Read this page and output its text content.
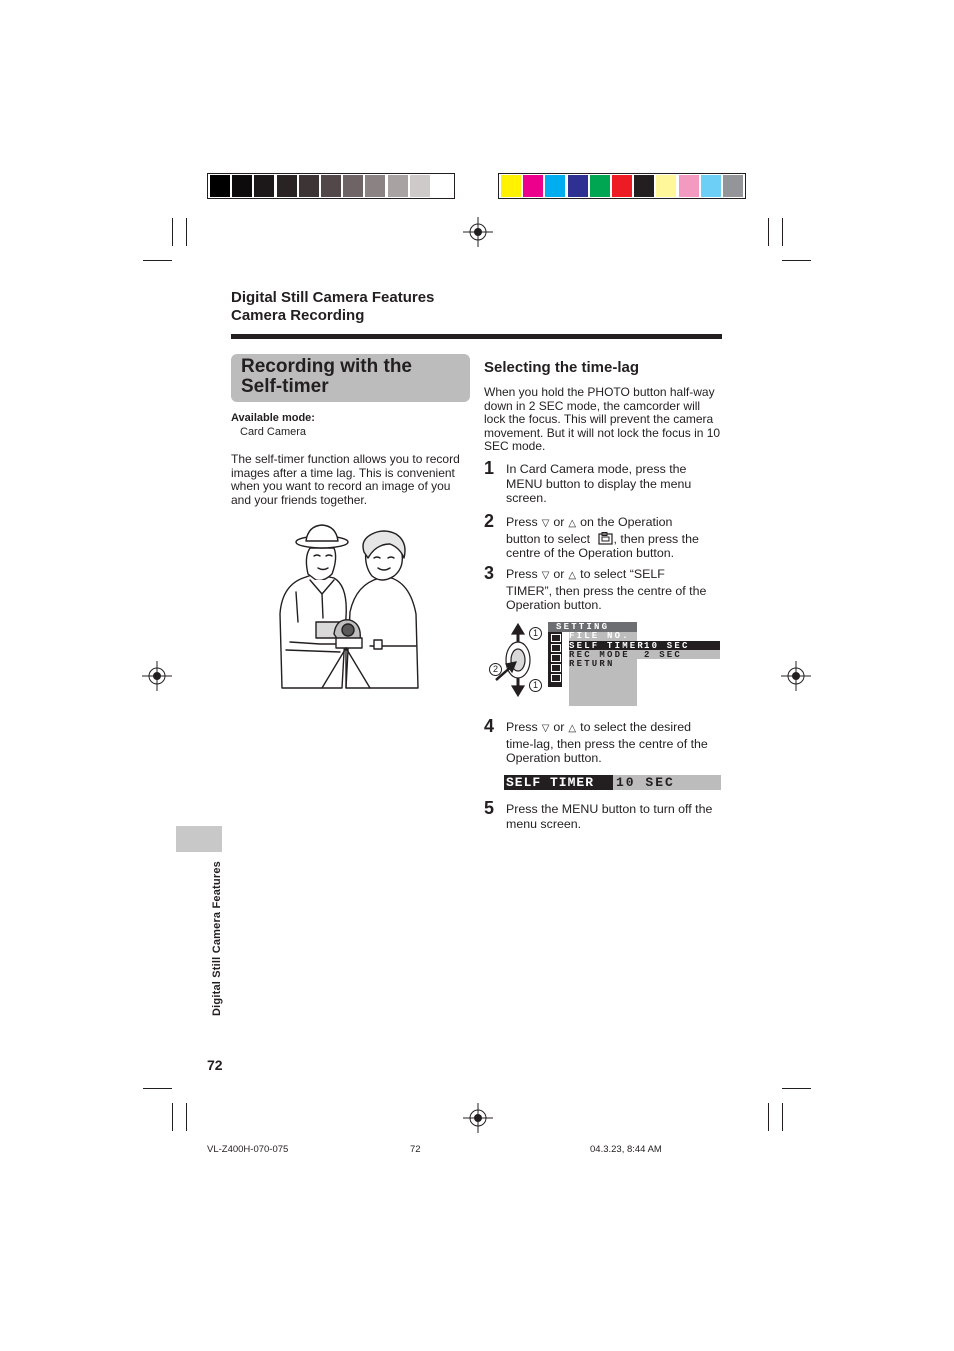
Digital Still Camera Features
Camera Recording
Recording with the
Self-timer
Available mode:
Card Camera
The self-timer function allows you to record
images after a time lag. This is convenient
when you want to record an image of you
and your friends together.
Selecting the time-lag
When you hold the PHOTO button half-way
down in 2 SEC mode, the camcorder will
lock the focus. This will prevent the camera
movement. But it will not lock the focus in 10
SEC mode.
1 In Card Camera mode, press the
MENU button to display the menu
screen.
2 Press ▽ or △ on the Operation
button to select , then press the
centre of the Operation button.
3 Press ▽ or △ to select “SELF
TIMER”, then press the centre of the
Operation button.
1
2
1
SETTING
FILE NO.
SELF TIMER
REC MODE
RETURN
10 SEC
2 SEC
4 Press ▽ or △ to select the desired
time-lag, then press the centre of the
Operation button.
SELF TIMER 10 SEC
5 Press the MENU button to turn off the
menu screen.
Digital Still Camera Features
72
VL-Z400H-070-075	72	04.3.23, 8:44 AM
